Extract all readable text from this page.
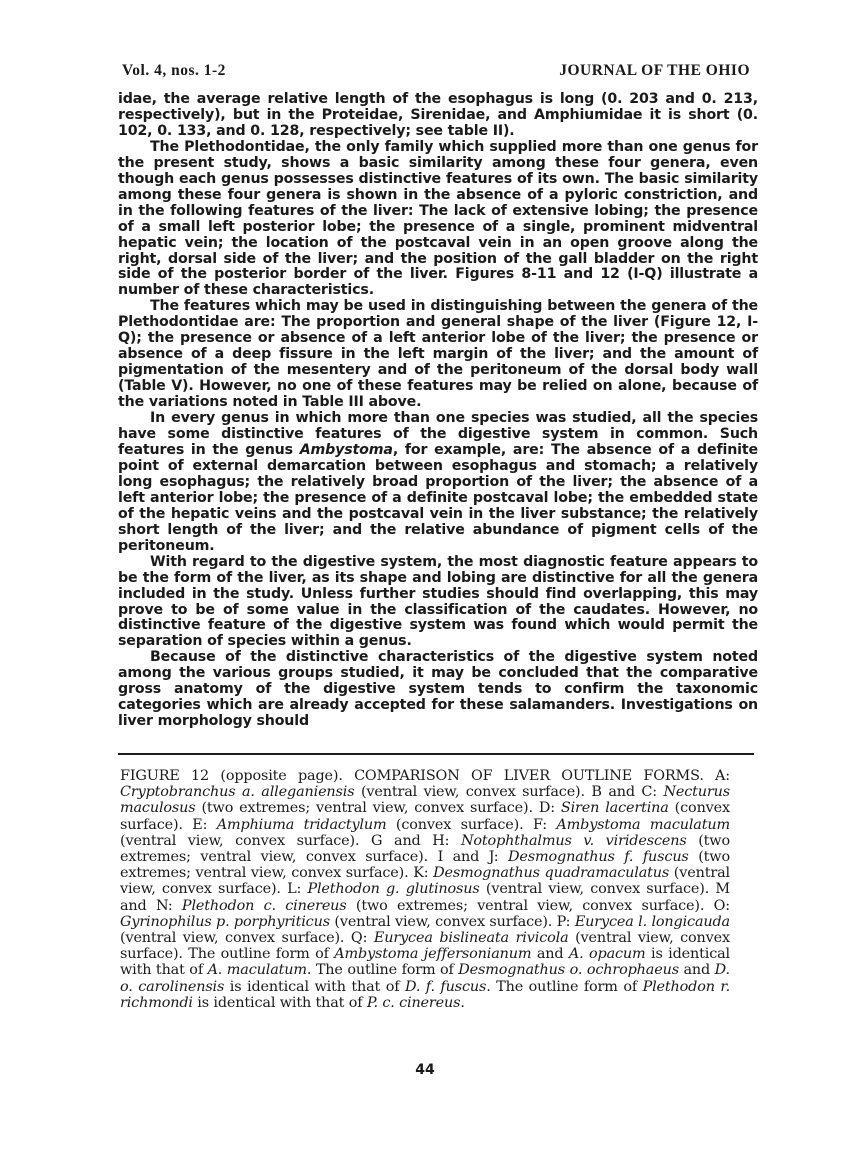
Vol. 4, nos. 1-2	JOURNAL OF THE OHIO

idae, the average relative length of the esophagus is long (0. 203 and 0. 213, respectively), but in the Proteidae, Sirenidae, and Amphiumidae it is short (0. 102, 0. 133, and 0. 128, respectively; see table II).

The Plethodontidae, the only family which supplied more than one genus for the present study, shows a basic similarity among these four genera, even though each genus possesses distinctive features of its own. The basic similarity among these four genera is shown in the absence of a pyloric constriction, and in the following features of the liver: The lack of extensive lobing; the presence of a small left posterior lobe; the presence of a single, prominent midventral hepatic vein; the location of the postcaval vein in an open groove along the right, dorsal side of the liver; and the position of the gall bladder on the right side of the posterior border of the liver. Figures 8-11 and 12 (I-Q) illustrate a number of these characteristics.

The features which may be used in distinguishing between the genera of the Plethodontidae are: The proportion and general shape of the liver (Figure 12, I-Q); the presence or absence of a left anterior lobe of the liver; the presence or absence of a deep fissure in the left margin of the liver; and the amount of pigmentation of the mesentery and of the peritoneum of the dorsal body wall (Table V). However, no one of these features may be relied on alone, because of the variations noted in Table III above.

In every genus in which more than one species was studied, all the species have some distinctive features of the digestive system in common. Such features in the genus Ambystoma, for example, are: The absence of a definite point of external demarcation between esophagus and stomach; a relatively long esophagus; the relatively broad proportion of the liver; the absence of a left anterior lobe; the presence of a definite postcaval lobe; the embedded state of the hepatic veins and the postcaval vein in the liver substance; the relatively short length of the liver; and the relative abundance of pigment cells of the peritoneum.

With regard to the digestive system, the most diagnostic feature appears to be the form of the liver, as its shape and lobing are distinctive for all the genera included in the study. Unless further studies should find overlapping, this may prove to be of some value in the classification of the caudates. However, no distinctive feature of the digestive system was found which would permit the separation of species within a genus.

Because of the distinctive characteristics of the digestive system noted among the various groups studied, it may be concluded that the comparative gross anatomy of the digestive system tends to confirm the taxonomic categories which are already accepted for these salamanders. Investigations on liver morphology should

FIGURE 12 (opposite page). COMPARISON OF LIVER OUTLINE FORMS. A: Cryptobranchus a. alleganiensis (ventral view, convex surface). B and C: Necturus maculosus (two extremes; ventral view, convex surface). D: Siren lacertina (convex surface). E: Amphiuma tridactylum (convex surface). F: Ambystoma maculatum (ventral view, convex surface). G and H: Notophthalmus v. viridescens (two extremes; ventral view, convex surface). I and J: Desmognathus f. fuscus (two extremes; ventral view, convex surface). K: Desmognathus quadramaculatus (ventral view, convex surface). L: Plethodon g. glutinosus (ventral view, convex surface). M and N: Plethodon c. cinereus (two extremes; ventral view, convex surface). O: Gyrinophilus p. porphyriticus (ventral view, convex surface). P: Eurycea l. longicauda (ventral view, convex surface). Q: Eurycea bislineata rivicola (ventral view, convex surface). The outline form of Ambystoma jeffersonianum and A. opacum is identical with that of A. maculatum. The outline form of Desmognathus o. ochrophaeus and D. o. carolinensis is identical with that of D. f. fuscus. The outline form of Plethodon r. richmondi is identical with that of P. c. cinereus.

44
